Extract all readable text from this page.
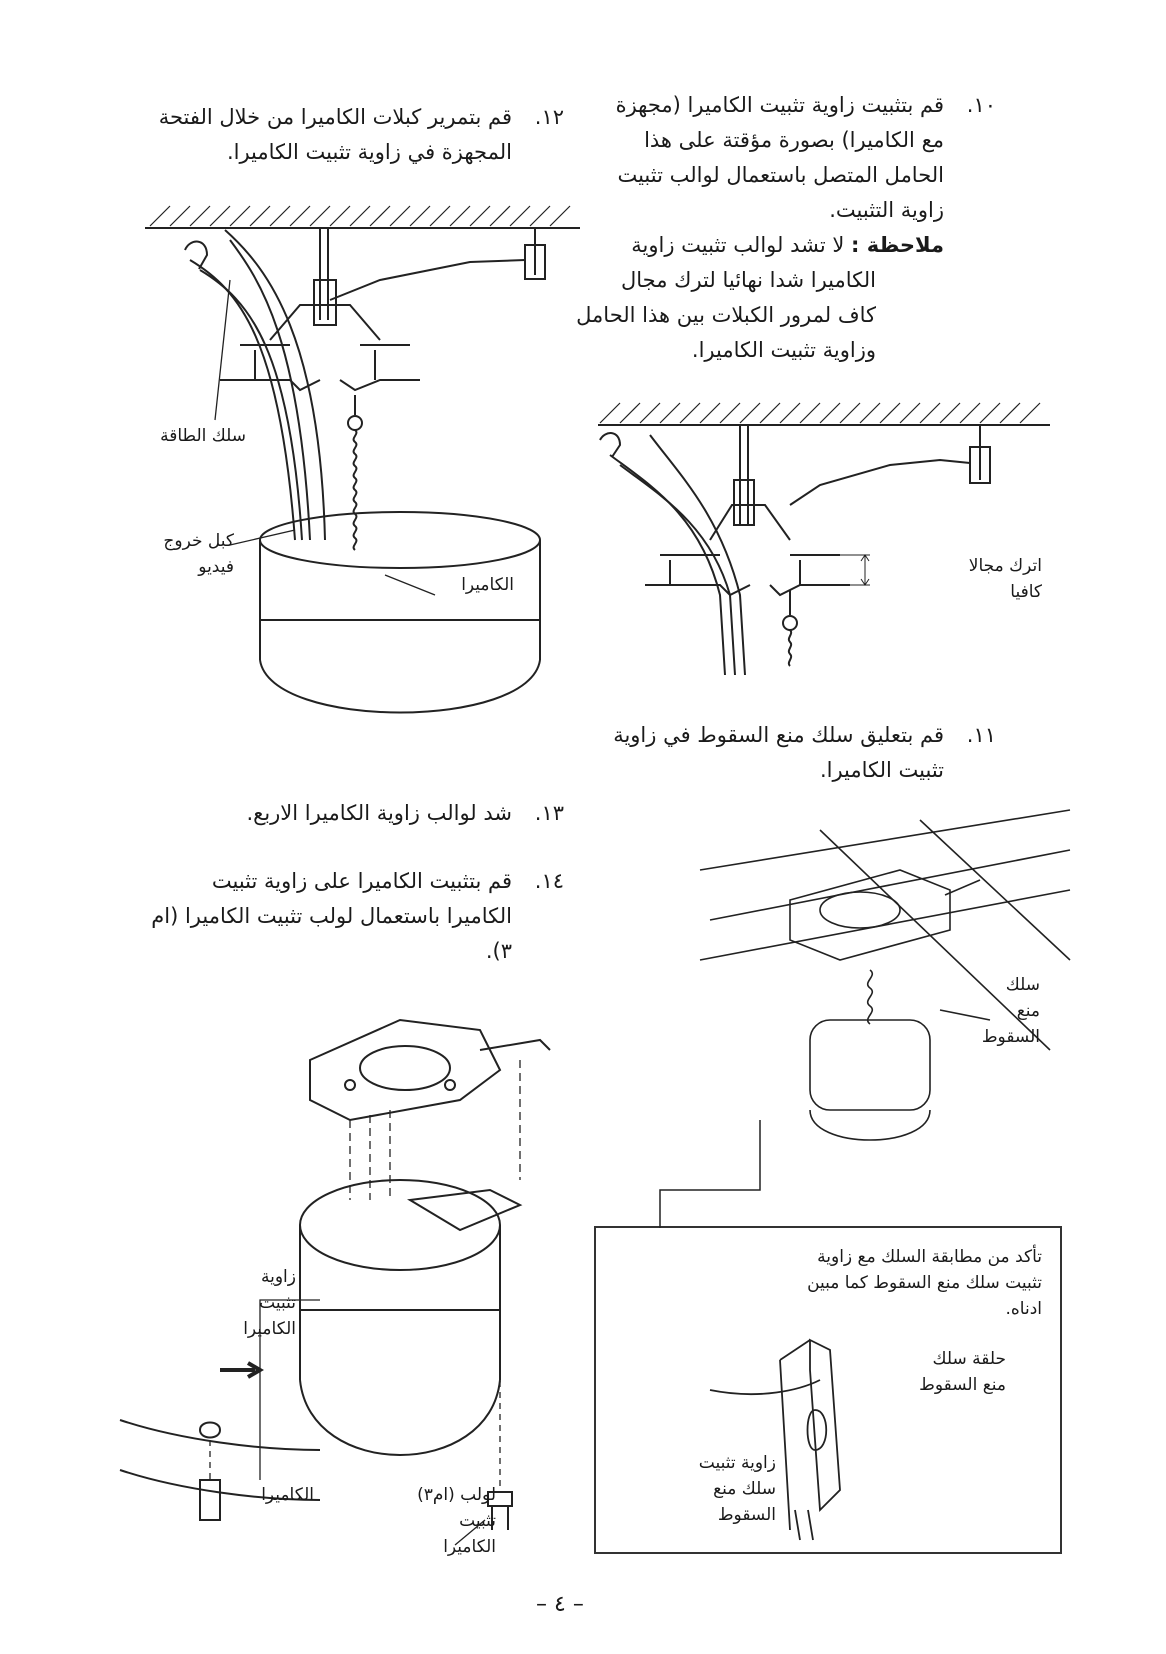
١٠.قم بتثبيت زاوية تثبيت الكاميرا (مجهزة
مع الكاميرا) بصورة مؤقتة على هذا
الحامل المتصل باستعمال لوالب تثبيت
زاوية التثبيت.
ملاحظة : لا تشد لوالب تثبيت زاوية
الكاميرا شدا نهائيا لترك مجال
كاف لمرور الكبلات بين هذا الحامل
وزاوية تثبيت الكاميرا.
اترك مجالا
كافيا
١١.قم بتعليق سلك منع السقوط في زاوية
تثبيت الكاميرا.
سلك
منع
السقوط
تأكد من مطابقة السلك مع زاوية
تثبيت سلك منع السقوط كما مبين
ادناه.
حلقة سلك
منع السقوط
زاوية تثبيت
سلك منع
السقوط
١٢.قم بتمرير كبلات الكاميرا من خلال الفتحة
المجهزة في زاوية تثبيت الكاميرا.
سلك الطاقة
كبل خروج
فيديو
الكاميرا
١٣.شد لوالب زاوية الكاميرا الاربع.
١٤.قم بتثبيت الكاميرا على زاوية تثبيت
الكاميرا باستعمال لولب تثبيت الكاميرا (ام
٣).
زاوية
تثبيت
الكاميرا
لولب (ام٣)
تثبيت
الكاميرا
الكاميرا
– ٤ –
